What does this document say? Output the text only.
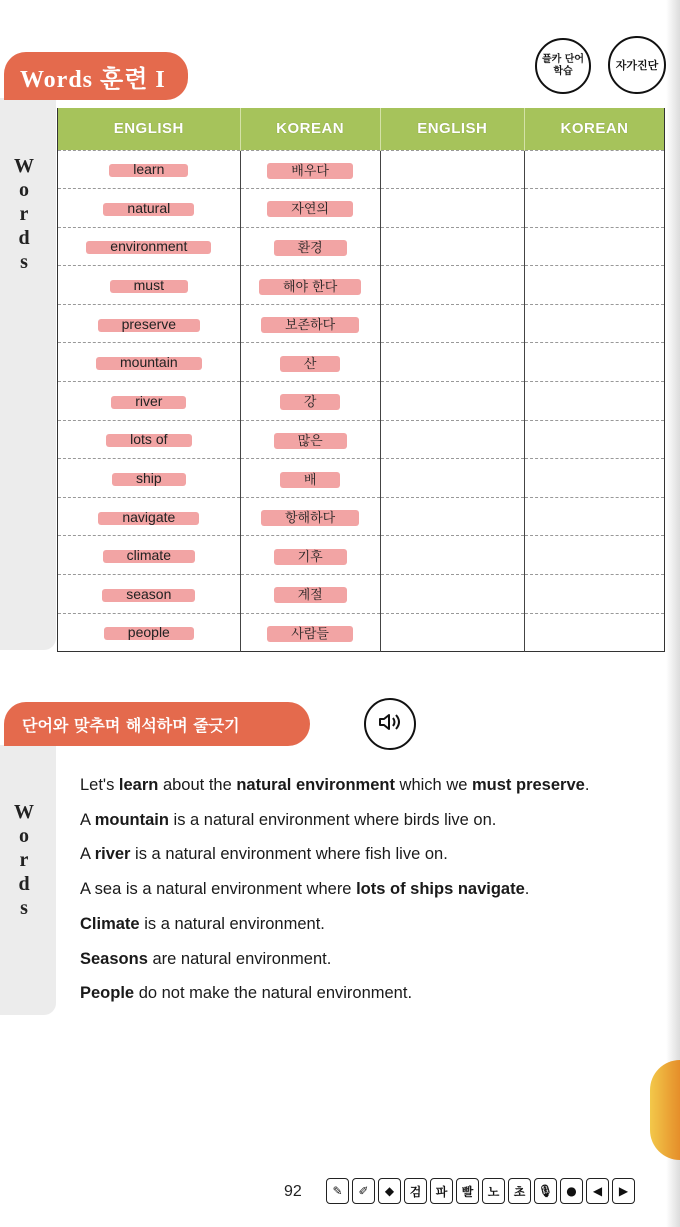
W
o
r
d
s
W
o
r
d
s
Words 훈련 I
플카 단어학습	자가진단
ENGLISH	KOREAN	ENGLISH	KOREAN
learn	배우다		
natural	자연의		
environment	환경		
must	해야 한다		
preserve	보존하다		
mountain	산		
river	강		
lots of	많은		
ship	배		
navigate	항해하다		
climate	기후		
season	계절		
people	사람들		
단어와 맞추며 해석하며 줄긋기
Let's learn about the natural environment which we must preserve.
A mountain is a natural environment where birds live on.
A river is a natural environment where fish live on.
A sea is a natural environment where lots of ships navigate.
Climate is a natural environment.
Seasons are natural environment.
People do not make the natural environment.
92	✎	✐	◆	검	파	빨	노	초	🎙	●	◀	▶
